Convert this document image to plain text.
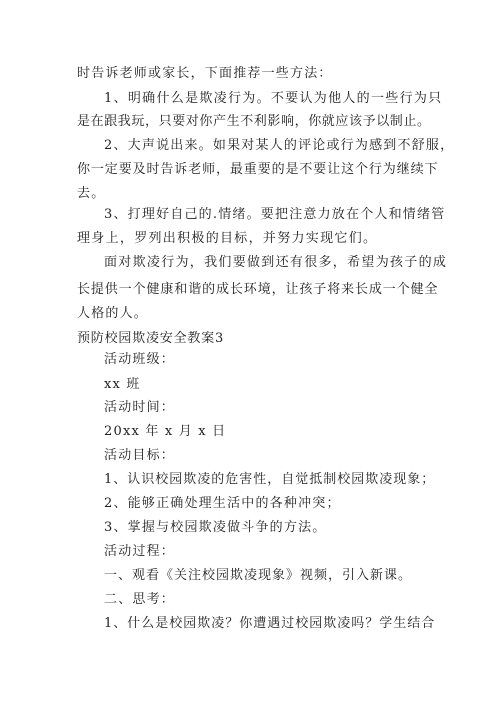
时告诉老师或家长，下面推荐一些方法：
1、明确什么是欺凌行为。不要认为他人的一些行为只
是在跟我玩，只要对你产生不利影响，你就应该予以制止。
2、大声说出来。如果对某人的评论或行为感到不舒服，
你一定要及时告诉老师，最重要的是不要让这个行为继续下
去。
3、打理好自己的.情绪。要把注意力放在个人和情绪管
理身上，罗列出积极的目标，并努力实现它们。
面对欺凌行为，我们要做到还有很多，希望为孩子的成
长提供一个健康和谐的成长环境，让孩子将来长成一个健全
人格的人。
预防校园欺凌安全教案3
活动班级：
xx 班
活动时间：
20xx 年 x 月 x 日
活动目标：
1、认识校园欺凌的危害性，自觉抵制校园欺凌现象；
2、能够正确处理生活中的各种冲突；
3、掌握与校园欺凌做斗争的方法。
活动过程：
一、观看《关注校园欺凌现象》视频，引入新课。
二、思考：
1、什么是校园欺凌？你遭遇过校园欺凌吗？学生结合
